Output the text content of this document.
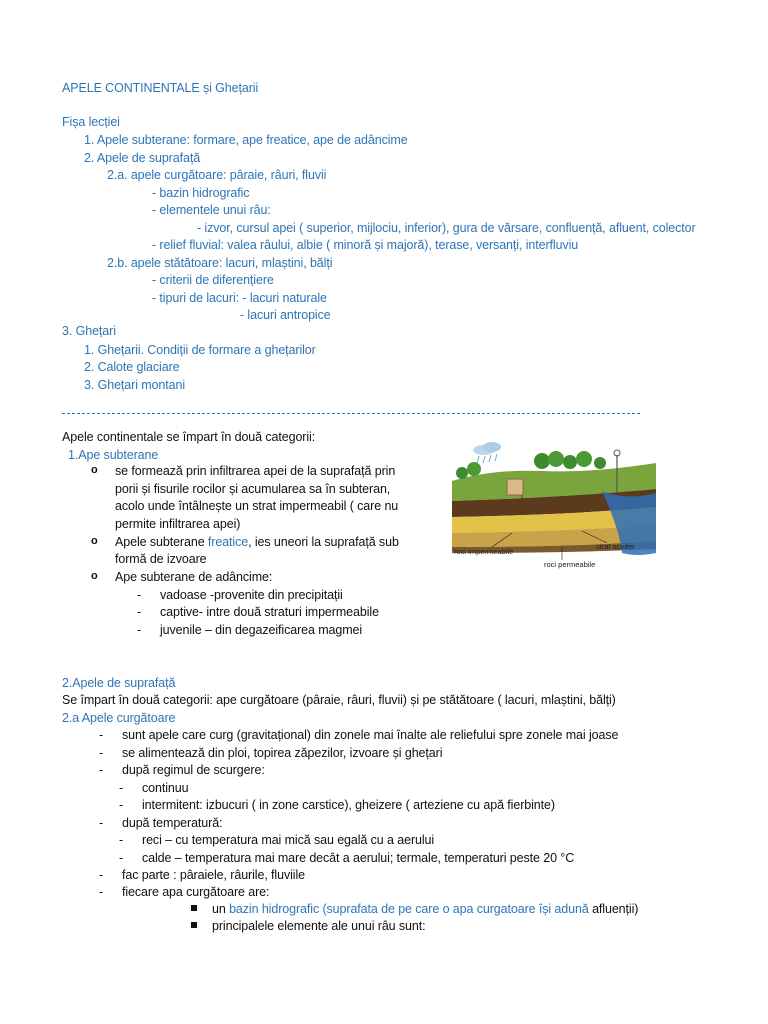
APELE CONTINENTALE și Ghețarii
Fișa lecției
1. Apele subterane: formare, ape freatice, ape de adâncime
2. Apele de suprafață
2.a. apele curgătoare: pâraie, râuri, fluvii
- bazin hidrografic
- elementele unui râu:
- izvor, cursul apei ( superior, mijlociu, inferior), gura de vărsare, confluență, afluent, colector
- relief fluvial: valea râului, albie ( minoră și majoră), terase, versanți, interfluviu
2.b. apele stătătoare: lacuri, mlaștini, bălți
- criterii de diferențiere
- tipuri de lacuri: - lacuri naturale
- lacuri antropice
3. Ghețari
1. Ghețarii. Condiții de formare a ghețarilor
2. Calote glaciare
3. Ghețari montani
Apele continentale se împart în două categorii:
1.Ape subterane
o se formează prin infiltrarea apei de la suprafață prin
porii și fisurile rocilor și acumularea sa în subteran,
acolo unde întâlnește un strat impermeabil ( care nu
permite infiltrarea apei)
o Apele subterane freatice, ies uneori la suprafață sub
formă de izvoare
o Ape subterane de adâncime:
- vadoase -provenite din precipitații
- captive- intre două straturi impermeabile
- juvenile – din degazeificarea magmei
roci impermeabile
strat acvifer
roci permeabile
2.Apele de suprafață
Se împart în două categorii: ape curgătoare (pâraie, râuri, fluvii) și pe stătătoare ( lacuri, mlaștini, bălți)
2.a Apele curgătoare
- sunt apele care curg (gravitațional) din zonele mai înalte ale reliefului spre zonele mai joase
- se alimentează din ploi, topirea zăpezilor, izvoare și ghețari
- după regimul de scurgere:
- continuu
- intermitent: izbucuri ( in zone carstice), gheizere ( arteziene cu apă fierbinte)
- după temperatură:
- reci – cu temperatura mai mică sau egală cu a aerului
- calde – temperatura mai mare decât a aerului; termale, temperaturi peste 20 °C
- fac parte : pâraiele, râurile, fluviile
- fiecare apa curgătoare are:
un bazin hidrografic (suprafata de pe care o apa curgatoare își adună afluenții)
principalele elemente ale unui râu sunt:
